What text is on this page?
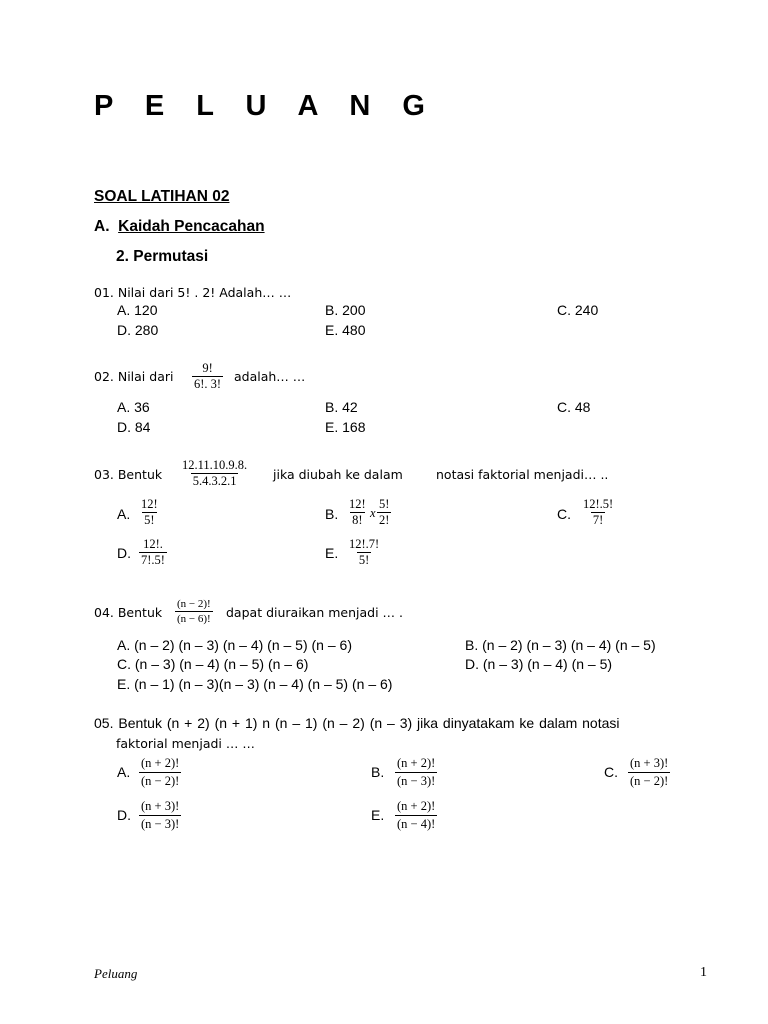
P E L U A N G
SOAL LATIHAN 02
A. Kaidah Pencacahan
2. Permutasi
01. Nilai dari 5! . 2! Adalah… …
A. 120	B. 200	C. 240
D. 280	E. 480
02. Nilai dari $\frac{9!}{6!. 3!}$ adalah… …
A. 36	B. 42	C. 48
D. 84	E. 168
03. Bentuk $\frac{12.11.10.9.8.}{5.4.3.2.1}$ jika diubah ke dalam	notasi faktorial menjadi… ..
A. $\frac{12!}{5!}$	B. $\frac{12!}{8!}$ x $\frac{5!}{2!}$	C. $\frac{12!.5!}{7!}$
D. $\frac{12!.}{7!.5!}$	E. $\frac{12!.7!}{5!}$
04. Bentuk $\frac{(n - 2)!}{(n - 6)!}$ dapat diuraikan menjadi … .
A. (n – 2) (n – 3) (n – 4) (n – 5) (n – 6)	B. (n – 2) (n – 3) (n – 4) (n – 5)
C. (n – 3) (n – 4) (n – 5) (n – 6)	D. (n – 3) (n – 4) (n – 5)
E. (n – 1) (n – 3)(n – 3) (n – 4) (n – 5) (n – 6)
05. Bentuk (n + 2) (n + 1) n (n – 1) (n – 2) (n – 3) jika dinyatakam ke dalam notasi
faktorial menjadi … …
A. $\frac{(n + 2)!}{(n - 2)!}$	B. $\frac{(n + 2)!}{(n - 3)!}$	C. $\frac{(n + 3)!}{(n - 2)!}$
D. $\frac{(n + 3)!}{(n - 3)!}$	E. $\frac{(n + 2)!}{(n - 4)!}$
Peluang	1
